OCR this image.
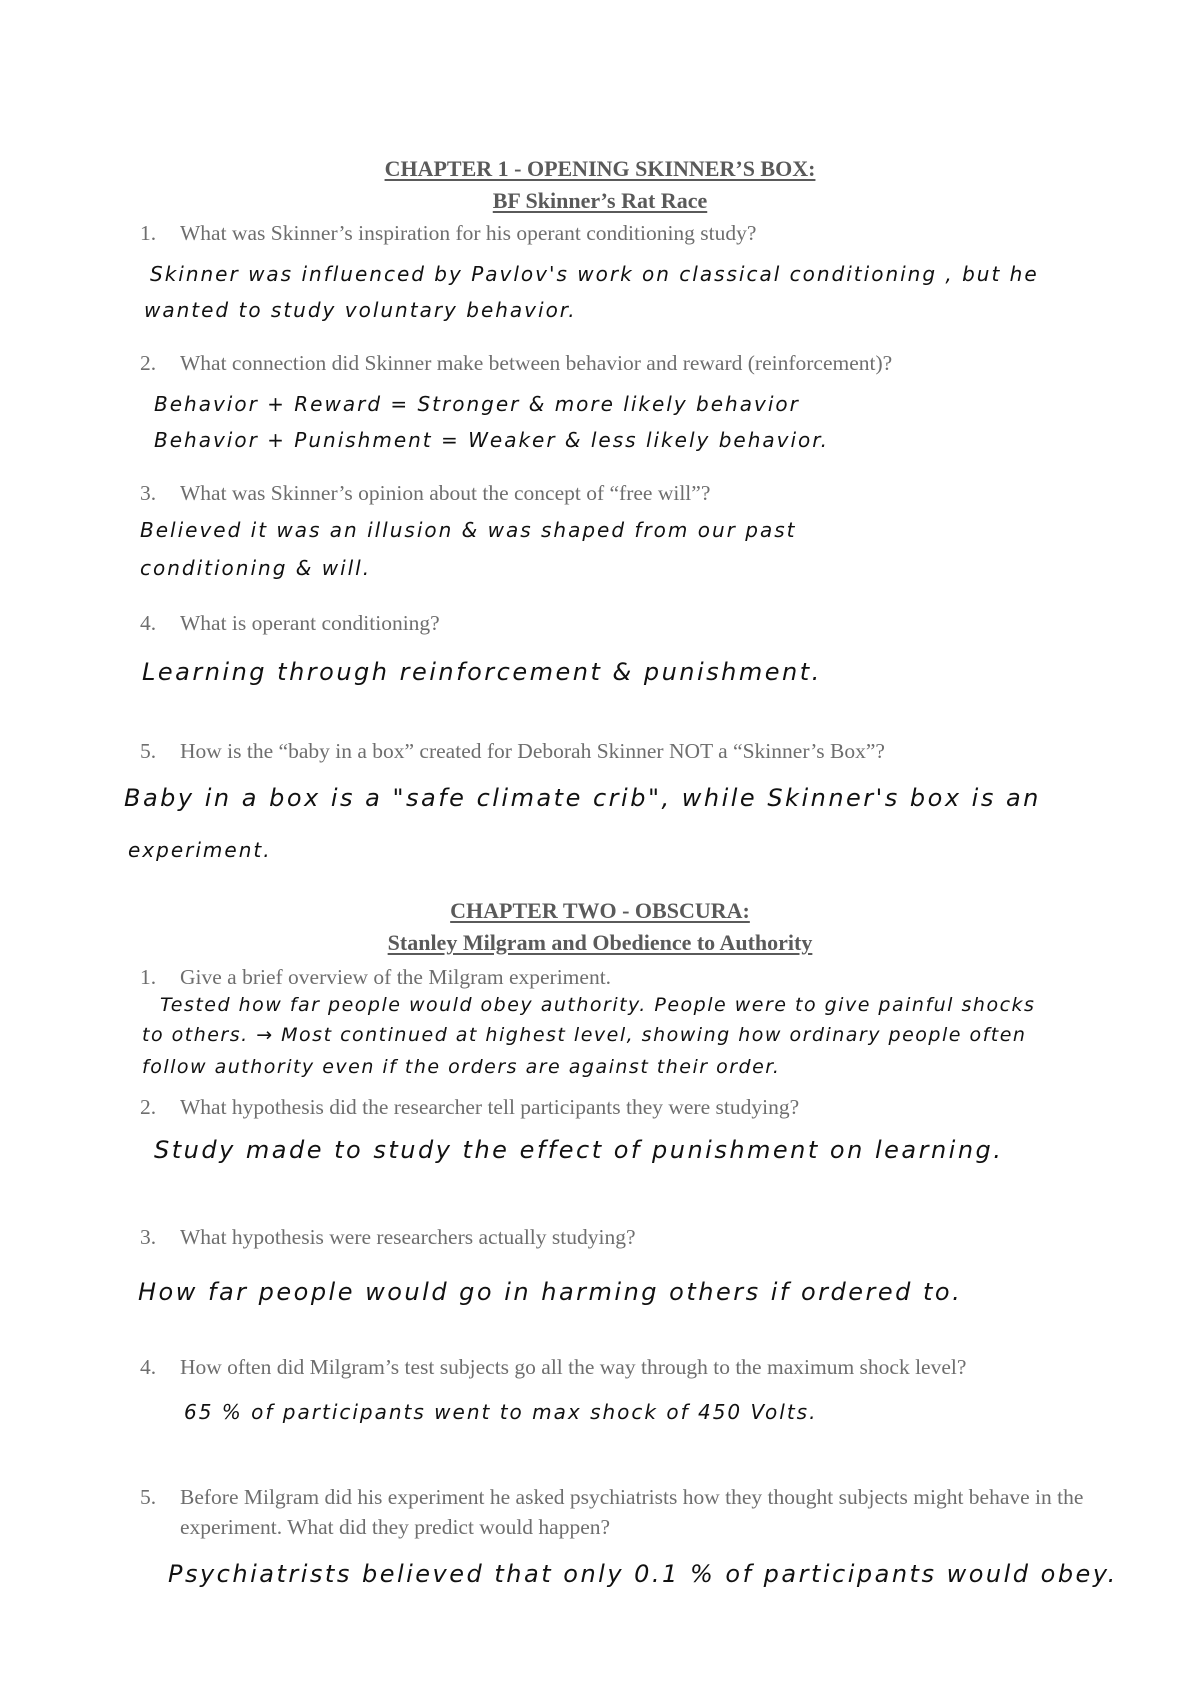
CHAPTER 1 - OPENING SKINNER’S BOX:
BF Skinner’s Rat Race
1.	What was Skinner’s inspiration for his operant conditioning study?
Skinner was influenced by Pavlov's work on classical conditioning , but he
wanted to study voluntary behavior.
2.	What connection did Skinner make between behavior and reward (reinforcement)?
Behavior + Reward = Stronger & more likely behavior
Behavior + Punishment = Weaker & less likely behavior.
3.	What was Skinner’s opinion about the concept of “free will”?
Believed it was an illusion & was shaped from our past
conditioning & will.
4.	What is operant conditioning?
Learning through reinforcement & punishment.
5.	How is the “baby in a box” created for Deborah Skinner NOT a “Skinner’s Box”?
Baby in a box is a "safe climate crib", while Skinner's box is an
experiment.
CHAPTER TWO - OBSCURA:
Stanley Milgram and Obedience to Authority
1.	Give a brief overview of the Milgram experiment.
Tested how far people would obey authority. People were to give painful shocks
to others. → Most continued at highest level, showing how ordinary people often
follow authority even if the orders are against their order.
2.	What hypothesis did the researcher tell participants they were studying?
Study made to study the effect of punishment on learning.
3.	What hypothesis were researchers actually studying?
How far people would go in harming others if ordered to.
4.	How often did Milgram’s test subjects go all the way through to the maximum shock level?
65 % of participants went to max shock of 450 Volts.
5.	Before Milgram did his experiment he asked psychiatrists how they thought subjects might behave in the experiment. What did they predict would happen?
Psychiatrists believed that only 0.1 % of participants would obey.
